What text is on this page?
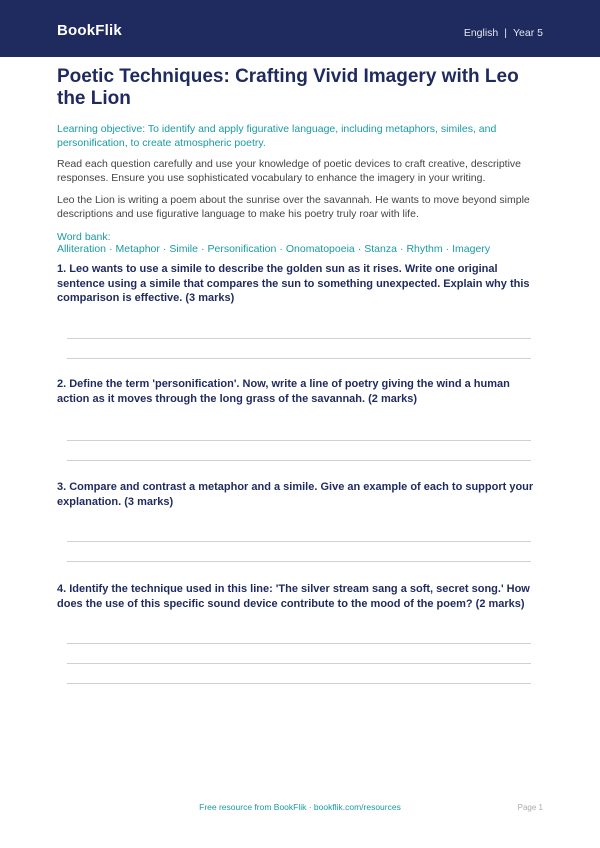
BookFlik	English | Year 5
Poetic Techniques: Crafting Vivid Imagery with Leo the Lion

Learning objective: To identify and apply figurative language, including metaphors, similes, and personification, to create atmospheric poetry.

Read each question carefully and use your knowledge of poetic devices to craft creative, descriptive responses. Ensure you use sophisticated vocabulary to enhance the imagery in your writing.

Leo the Lion is writing a poem about the sunrise over the savannah. He wants to move beyond simple descriptions and use figurative language to make his poetry truly roar with life.

Word bank: Alliteration · Metaphor · Simile · Personification · Onomatopoeia · Stanza · Rhythm · Imagery

1. Leo wants to use a simile to describe the golden sun as it rises. Write one original sentence using a simile that compares the sun to something unexpected. Explain why this comparison is effective. (3 marks)

2. Define the term 'personification'. Now, write a line of poetry giving the wind a human action as it moves through the long grass of the savannah. (2 marks)

3. Compare and contrast a metaphor and a simile. Give an example of each to support your explanation. (3 marks)

4. Identify the technique used in this line: 'The silver stream sang a soft, secret song.' How does the use of this specific sound device contribute to the mood of the poem? (2 marks)

Free resource from BookFlik · bookflik.com/resources	Page 1
